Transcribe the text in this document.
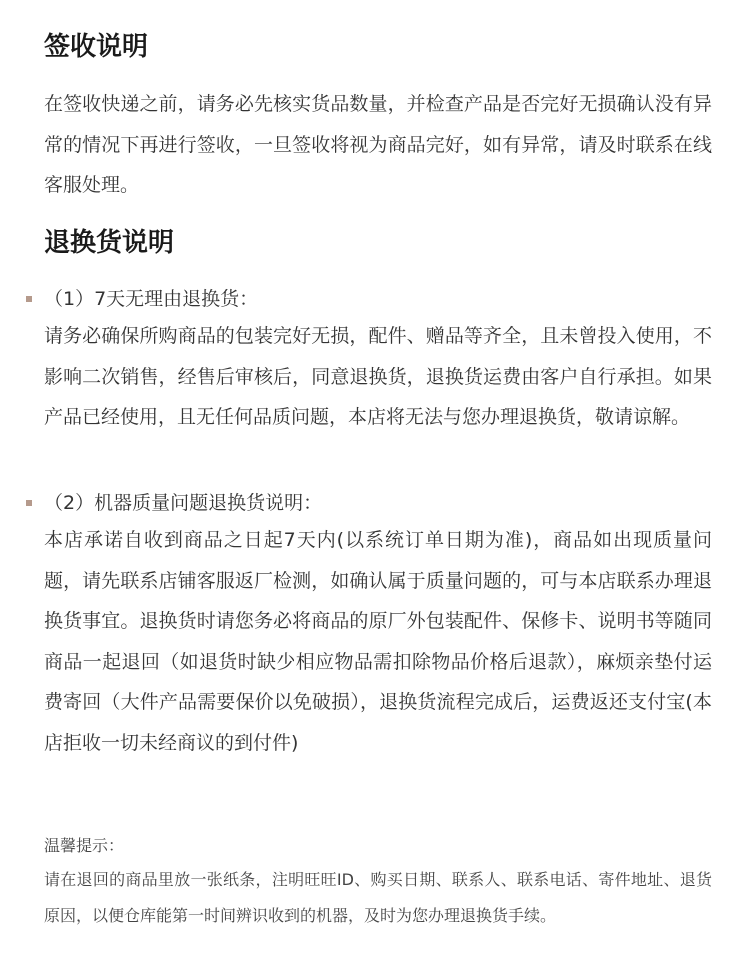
签收说明

在签收快递之前，请务必先核实货品数量，并检查产品是否完好无损确认没有异常的情况下再进行签收，一旦签收将视为商品完好，如有异常，请及时联系在线客服处理。

退换货说明

（1）7天无理由退换货：

请务必确保所购商品的包装完好无损，配件、赠品等齐全，且未曾投入使用，不影响二次销售，经售后审核后，同意退换货，退换货运费由客户自行承担。如果产品已经使用，且无任何品质问题，本店将无法与您办理退换货，敬请谅解。

（2）机器质量问题退换货说明：

本店承诺自收到商品之日起7天内(以系统订单日期为准)，商品如出现质量问题，请先联系店铺客服返厂检测，如确认属于质量问题的，可与本店联系办理退换货事宜。退换货时请您务必将商品的原厂外包装配件、保修卡、说明书等随同商品一起退回（如退货时缺少相应物品需扣除物品价格后退款），麻烦亲垫付运费寄回（大件产品需要保价以免破损），退换货流程完成后，运费返还支付宝(本店拒收一切未经商议的到付件)

温馨提示：

请在退回的商品里放一张纸条，注明旺旺ID、购买日期、联系人、联系电话、寄件地址、退货原因，以便仓库能第一时间辨识收到的机器，及时为您办理退换货手续。
